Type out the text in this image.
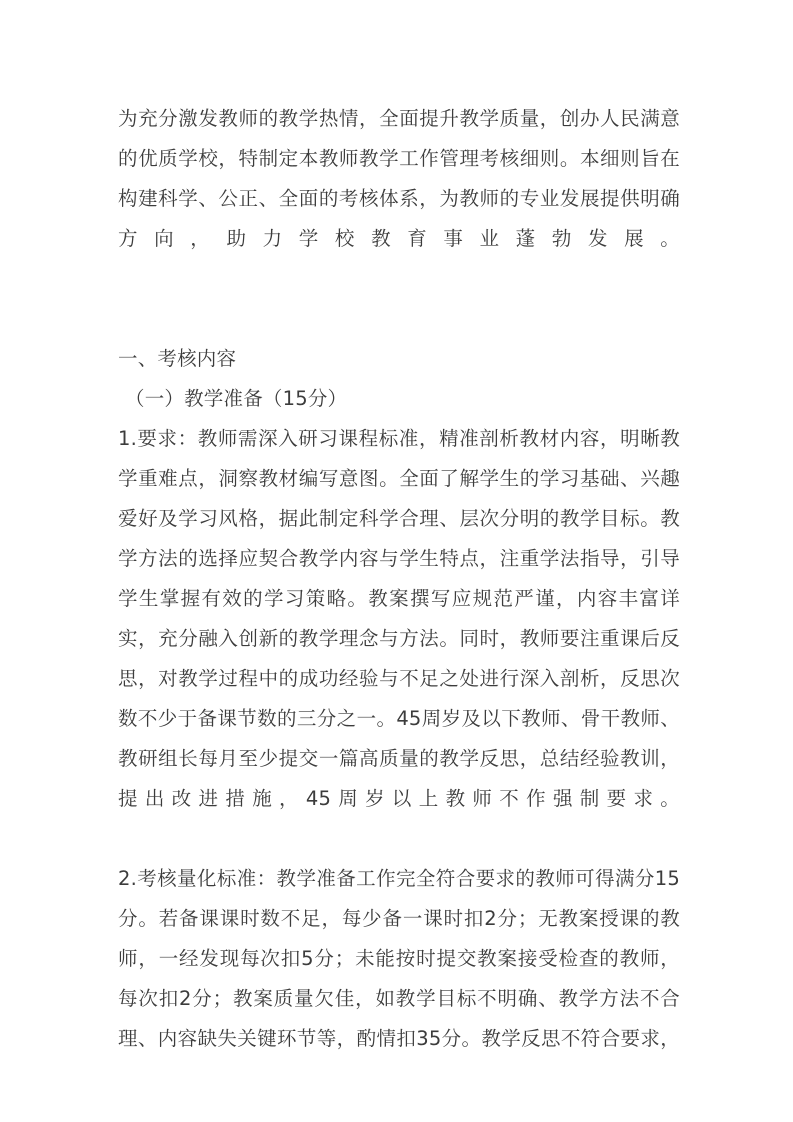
为充分激发教师的教学热情，全面提升教学质量，创办人民满意的优质学校，特制定本教师教学工作管理考核细则。本细则旨在构建科学、公正、全面的考核体系，为教师的专业发展提供明确方向，助力学校教育事业蓬勃发展。

一、考核内容
（一）教学准备（15分）

1.要求：教师需深入研习课程标准，精准剖析教材内容，明晰教学重难点，洞察教材编写意图。全面了解学生的学习基础、兴趣爱好及学习风格，据此制定科学合理、层次分明的教学目标。教学方法的选择应契合教学内容与学生特点，注重学法指导，引导学生掌握有效的学习策略。教案撰写应规范严谨，内容丰富详实，充分融入创新的教学理念与方法。同时，教师要注重课后反思，对教学过程中的成功经验与不足之处进行深入剖析，反思次数不少于备课节数的三分之一。45周岁及以下教师、骨干教师、教研组长每月至少提交一篇高质量的教学反思，总结经验教训，提出改进措施，45周岁以上教师不作强制要求。

2.考核量化标准：教学准备工作完全符合要求的教师可得满分15分。若备课课时数不足，每少备一课时扣2分；无教案授课的教师，一经发现每次扣5分；未能按时提交教案接受检查的教师，每次扣2分；教案质量欠佳，如教学目标不明确、教学方法不合理、内容缺失关键环节等，酌情扣35分。教学反思不符合要求，
